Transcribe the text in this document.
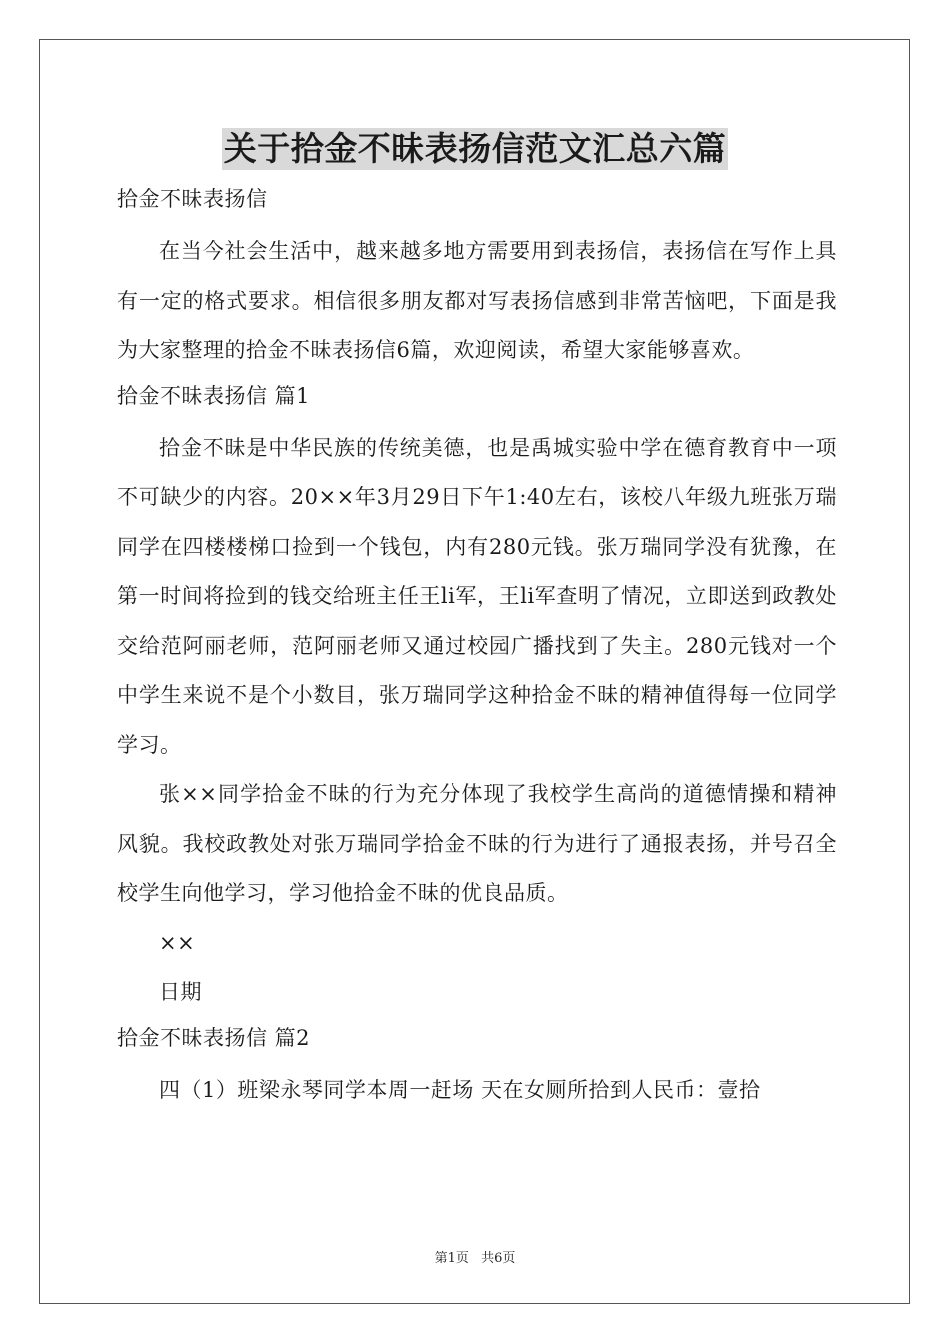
关于拾金不昧表扬信范文汇总六篇
拾金不昧表扬信
在当今社会生活中，越来越多地方需要用到表扬信，表扬信在写作上具有一定的格式要求。相信很多朋友都对写表扬信感到非常苦恼吧，下面是我为大家整理的拾金不昧表扬信6篇，欢迎阅读，希望大家能够喜欢。
拾金不昧表扬信 篇1
拾金不昧是中华民族的传统美德，也是禹城实验中学在德育教育中一项不可缺少的内容。20××年3月29日下午1:40左右，该校八年级九班张万瑞同学在四楼楼梯口捡到一个钱包，内有280元钱。张万瑞同学没有犹豫，在第一时间将捡到的钱交给班主任王li军，王li军查明了情况，立即送到政教处交给范阿丽老师，范阿丽老师又通过校园广播找到了失主。280元钱对一个中学生来说不是个小数目，张万瑞同学这种拾金不昧的精神值得每一位同学学习。
张××同学拾金不昧的行为充分体现了我校学生高尚的道德情操和精神风貌。我校政教处对张万瑞同学拾金不昧的行为进行了通报表扬，并号召全校学生向他学习，学习他拾金不昧的优良品质。
××
日期
拾金不昧表扬信 篇2
四（1）班梁永琴同学本周一赶场 天在女厕所拾到人民币：壹拾
第1页 共6页
